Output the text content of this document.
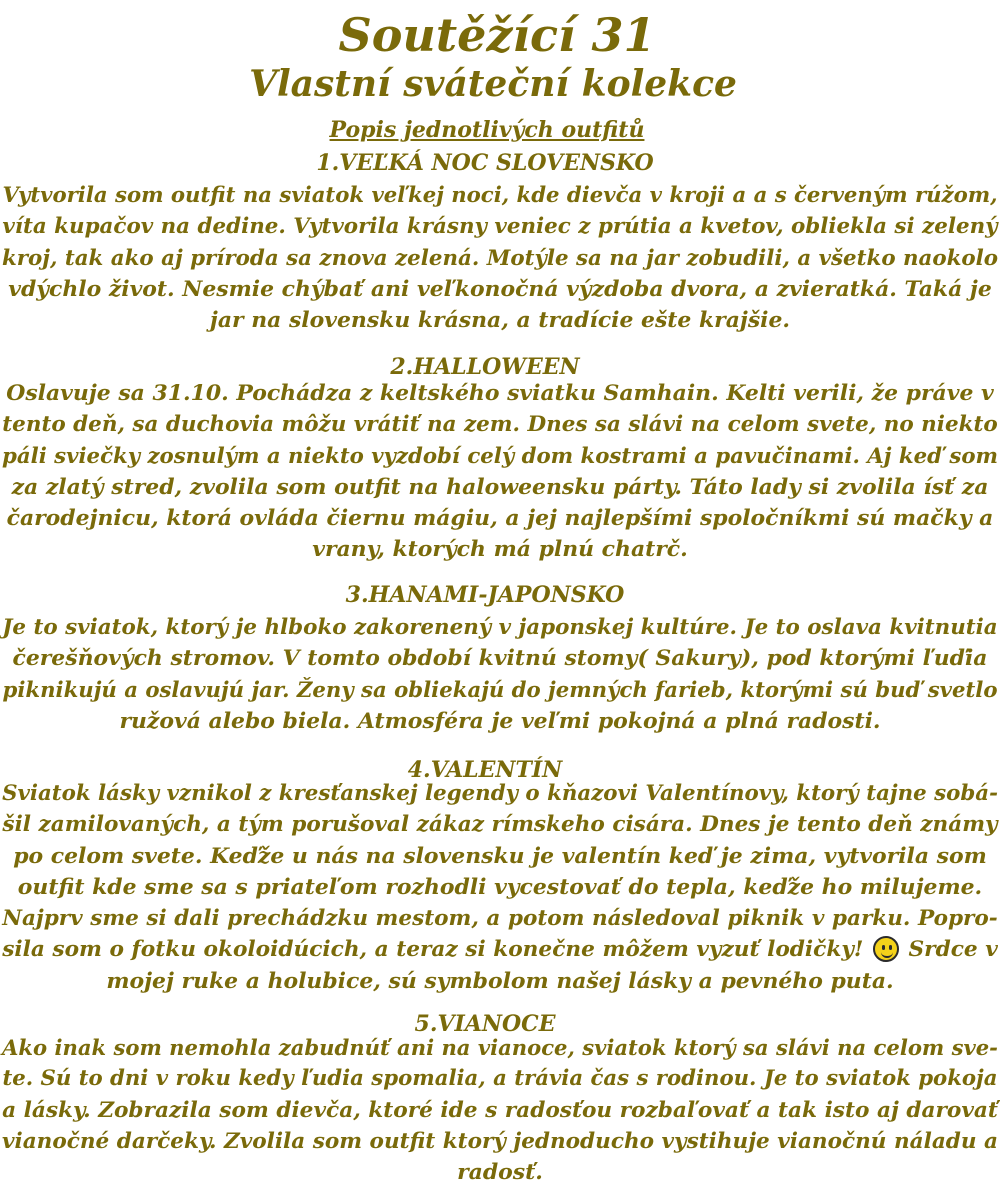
Soutěžící 31
Vlastní sváteční kolekce
Popis jednotlivých outfitů
1.VEĽKÁ NOC SLOVENSKO
Vytvorila som outfit na sviatok veľkej noci, kde dievča v kroji a a s červeným rúžom,
víta kupačov na dedine. Vytvorila krásny veniec z prútia a kvetov, obliekla si zelený
kroj, tak ako aj príroda sa znova zelená. Motýle sa na jar zobudili, a všetko naokolo
vdýchlo život. Nesmie chýbať ani veľkonočná výzdoba dvora, a zvieratká. Taká je
jar na slovensku krásna, a tradície ešte krajšie.
2.HALLOWEEN
Oslavuje sa 31.10. Pochádza z keltského sviatku Samhain. Kelti verili, že práve v
tento deň, sa duchovia môžu vrátiť na zem. Dnes sa slávi na celom svete, no niekto
páli sviečky zosnulým a niekto vyzdobí celý dom kostrami a pavučinami. Aj keď som
za zlatý stred, zvolila som outfit na haloweensku párty. Táto lady si zvolila ísť za
čarodejnicu, ktorá ovláda čiernu mágiu, a jej najlepšími spoločníkmi sú mačky a
vrany, ktorých má plnú chatrč.
3.HANAMI-JAPONSKO
Je to sviatok, ktorý je hlboko zakorenený v japonskej kultúre. Je to oslava kvitnutia
čerešňových stromov. V tomto období kvitnú stomy( Sakury), pod ktorými ľuďia
piknikujú a oslavujú jar. Ženy sa obliekajú do jemných farieb, ktorými sú buď svetlo
ružová alebo biela. Atmosféra je veľmi pokojná a plná radosti.
4.VALENTÍN
Sviatok lásky vznikol z kresťanskej legendy o kňazovi Valentínovy, ktorý tajne sobá-
šil zamilovaných, a tým porušoval zákaz rímskeho cisára. Dnes je tento deň známy
po celom svete. Keďže u nás na slovensku je valentín keď je zima, vytvorila som
outfit kde sme sa s priateľom rozhodli vycestovať do tepla, keďže ho milujeme.
Najprv sme si dali prechádzku mestom, a potom následoval piknik v parku. Popro-
sila som o fotku okoloidúcich, a teraz si konečne môžem vyzuť lodičky! Srdce v
mojej ruke a holubice, sú symbolom našej lásky a pevného puta.
5.VIANOCE
Ako inak som nemohla zabudnúť ani na vianoce, sviatok ktorý sa slávi na celom sve-
te. Sú to dni v roku kedy ľudia spomalia, a trávia čas s rodinou. Je to sviatok pokoja
a lásky. Zobrazila som dievča, ktoré ide s radosťou rozbaľovať a tak isto aj darovať
vianočné darčeky. Zvolila som outfit ktorý jednoducho vystihuje vianočnú náladu a
radosť.
